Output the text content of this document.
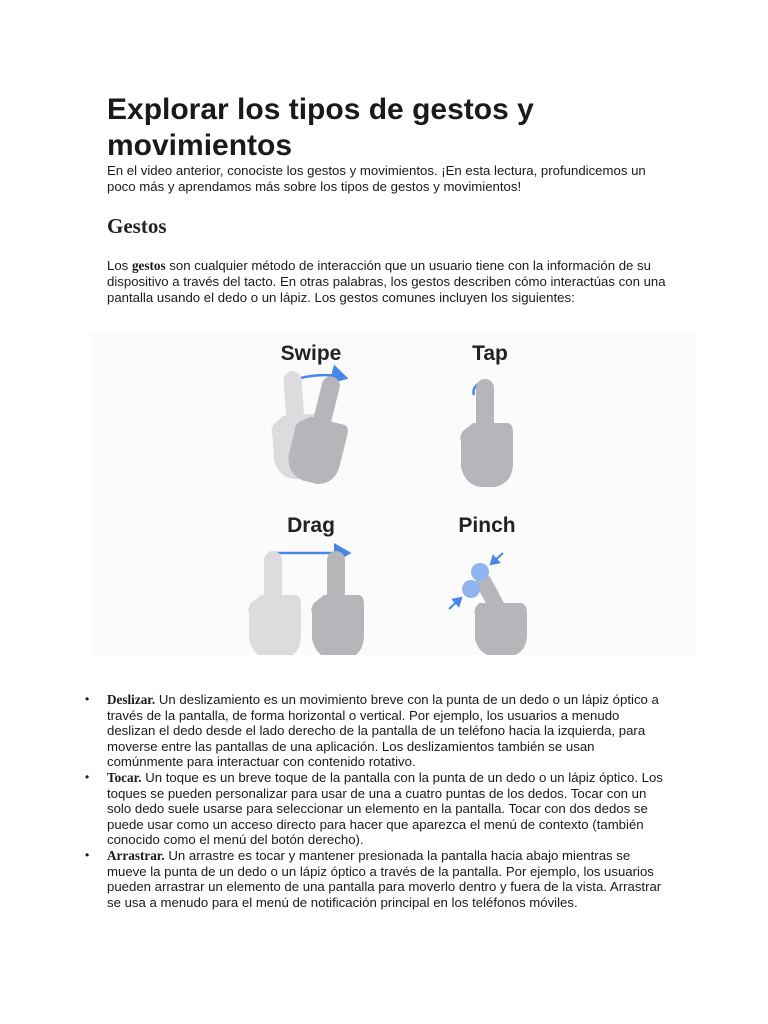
Explorar los tipos de gestos y movimientos

En el video anterior, conociste los gestos y movimientos. ¡En esta lectura, profundicemos un poco más y aprendamos más sobre los tipos de gestos y movimientos!

Gestos

Los gestos son cualquier método de interacción que un usuario tiene con la información de su dispositivo a través del tacto. En otras palabras, los gestos describen cómo interactúas con una pantalla usando el dedo o un lápiz. Los gestos comunes incluyen los siguientes:

Swipe	Tap
Drag	Pinch
• Deslizar. Un deslizamiento es un movimiento breve con la punta de un dedo o un lápiz óptico a través de la pantalla, de forma horizontal o vertical. Por ejemplo, los usuarios a menudo deslizan el dedo desde el lado derecho de la pantalla de un teléfono hacia la izquierda, para moverse entre las pantallas de una aplicación. Los deslizamientos también se usan comúnmente para interactuar con contenido rotativo.
• Tocar. Un toque es un breve toque de la pantalla con la punta de un dedo o un lápiz óptico. Los toques se pueden personalizar para usar de una a cuatro puntas de los dedos. Tocar con un solo dedo suele usarse para seleccionar un elemento en la pantalla. Tocar con dos dedos se puede usar como un acceso directo para hacer que aparezca el menú de contexto (también conocido como el menú del botón derecho).
• Arrastrar. Un arrastre es tocar y mantener presionada la pantalla hacia abajo mientras se mueve la punta de un dedo o un lápiz óptico a través de la pantalla. Por ejemplo, los usuarios pueden arrastrar un elemento de una pantalla para moverlo dentro y fuera de la vista. Arrastrar se usa a menudo para el menú de notificación principal en los teléfonos móviles.
